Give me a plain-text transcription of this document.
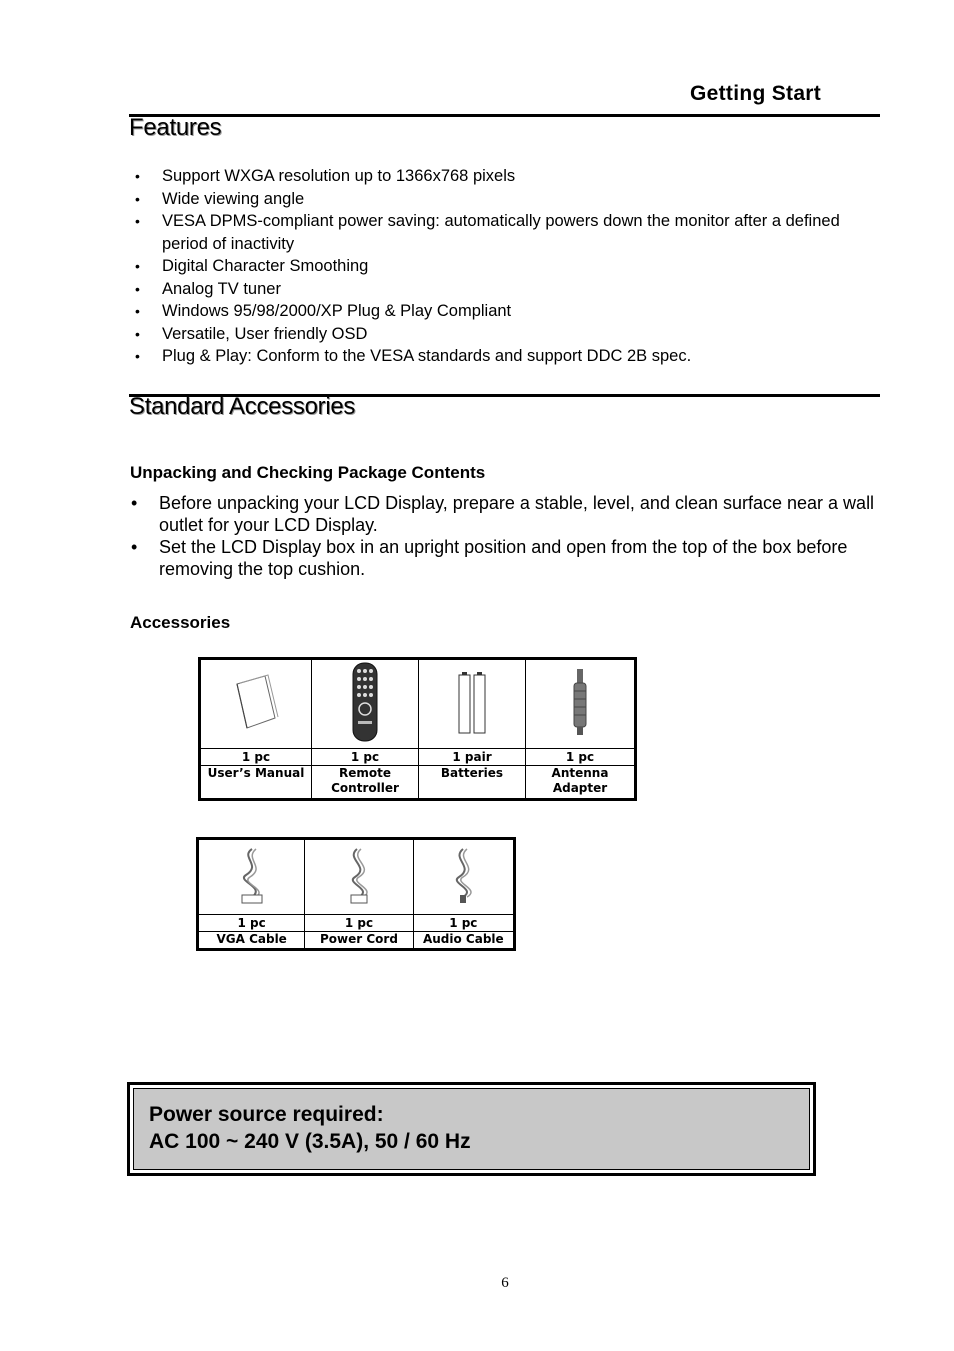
Getting Start
Features
• Support WXGA resolution up to 1366x768 pixels
• Wide viewing angle
• VESA DPMS-compliant power saving: automatically powers down the monitor after a defined period of inactivity
• Digital Character Smoothing
• Analog TV tuner
• Windows 95/98/2000/XP Plug & Play Compliant
• Versatile, User friendly OSD
• Plug & Play: Conform to the VESA standards and support DDC 2B spec.
Standard Accessories
Unpacking and Checking Package Contents
• Before unpacking your LCD Display, prepare a stable, level, and clean surface near a wall outlet for your LCD Display.
• Set the LCD Display box in an upright position and open from the top of the box before removing the top cushion.
Accessories

1 pc	1 pc	1 pair	1 pc
User’s Manual	Remote Controller	Batteries	Antenna Adapter

1 pc	1 pc	1 pc
VGA Cable	Power Cord	Audio Cable
Power source required:
AC 100 ~ 240 V (3.5A), 50 / 60 Hz
6
